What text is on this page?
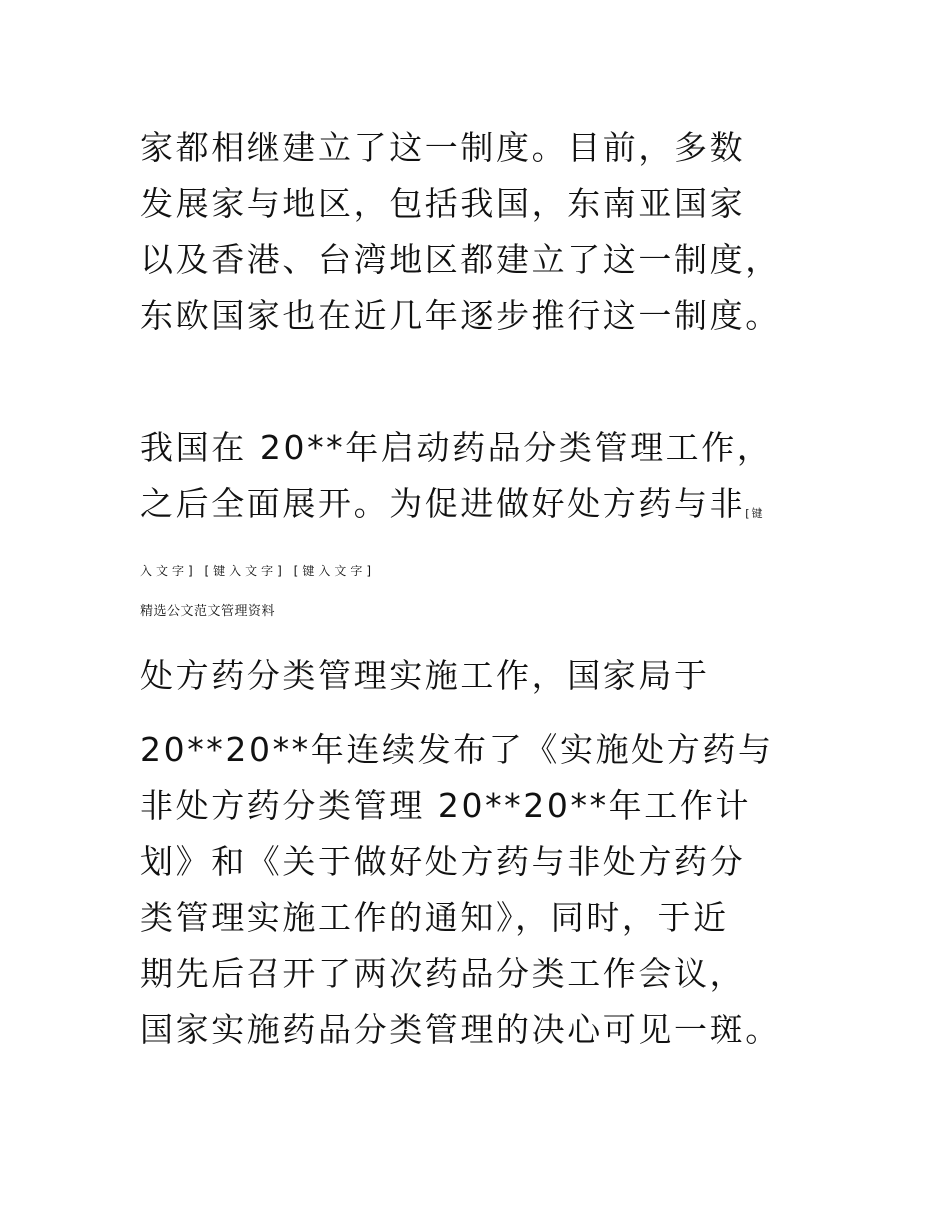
家都相继建立了这一制度。目前，多数
发展家与地区，包括我国，东南亚国家
以及香港、台湾地区都建立了这一制度，
东欧国家也在近几年逐步推行这一制度。
我国在 20**年启动药品分类管理工作，
之后全面展开。为促进做好处方药与非[键
入文字] [键入文字] [键入文字]
精选公文范文管理资料
处方药分类管理实施工作，国家局于
20**20**年连续发布了《实施处方药与
非处方药分类管理 20**20**年工作计
划》和《关于做好处方药与非处方药分
类管理实施工作的通知》，同时，于近
期先后召开了两次药品分类工作会议，
国家实施药品分类管理的决心可见一斑。
